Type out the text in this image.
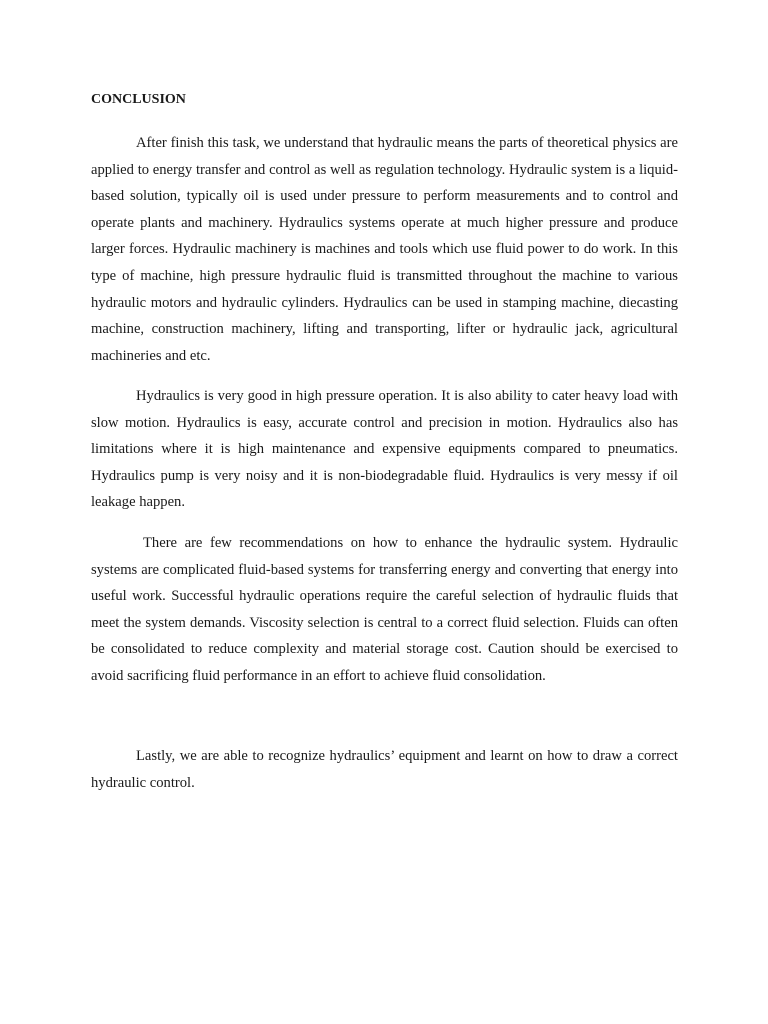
CONCLUSION

After finish this task, we understand that hydraulic means the parts of theoretical physics are applied to energy transfer and control as well as regulation technology. Hydraulic system is a liquid-based solution, typically oil is used under pressure to perform measurements and to control and operate plants and machinery. Hydraulics systems operate at much higher pressure and produce larger forces. Hydraulic machinery is machines and tools which use fluid power to do work. In this type of machine, high pressure hydraulic fluid is transmitted throughout the machine to various hydraulic motors and hydraulic cylinders. Hydraulics can be used in stamping machine, diecasting machine, construction machinery, lifting and transporting, lifter or hydraulic jack, agricultural machineries and etc.

Hydraulics is very good in high pressure operation. It is also ability to cater heavy load with slow motion. Hydraulics is easy, accurate control and precision in motion. Hydraulics also has limitations where it is high maintenance and expensive equipments compared to pneumatics. Hydraulics pump is very noisy and it is non-biodegradable fluid. Hydraulics is very messy if oil leakage happen.

There are few recommendations on how to enhance the hydraulic system. Hydraulic systems are complicated fluid-based systems for transferring energy and converting that energy into useful work. Successful hydraulic operations require the careful selection of hydraulic fluids that meet the system demands. Viscosity selection is central to a correct fluid selection. Fluids can often be consolidated to reduce complexity and material storage cost. Caution should be exercised to avoid sacrificing fluid performance in an effort to achieve fluid consolidation.

Lastly, we are able to recognize hydraulics’ equipment and learnt on how to draw a correct hydraulic control.
